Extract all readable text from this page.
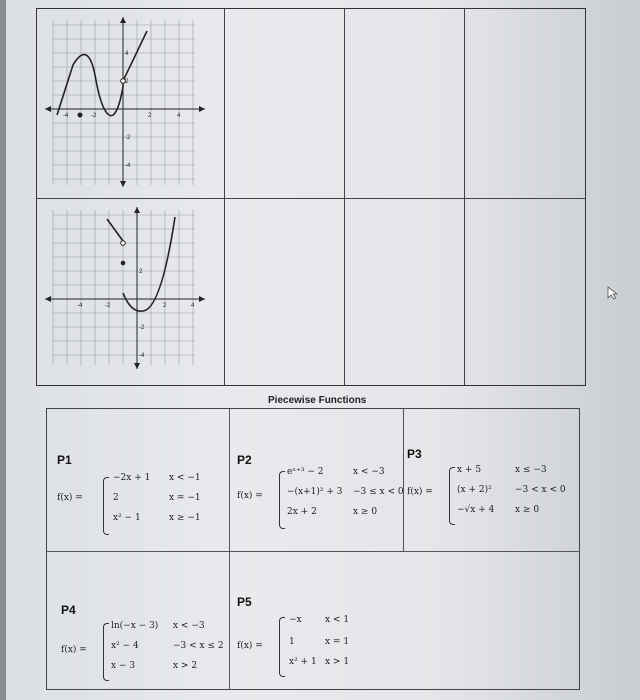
-4	-2	2	4
4
2
-2
-4
-4	-2	2	4
2
-2
-4
Piecewise Functions
P1
f(x) =
−2x + 1 x < −1
2	x = −1
x² − 1	x ≥ −1
P2
f(x) =
eˣ⁺³ − 2	x < −3
−(x+1)² + 3 −3 ≤ x < 0
2x + 2	x ≥ 0
P3
f(x) =
x + 5	x ≤ −3
(x + 2)²	−3 < x < 0
−√x + 4 x ≥ 0
P4
f(x) =
ln(−x − 3) x < −3
x² − 4	−3 < x ≤ 2
x − 3	x > 2
P5
f(x) =
−x	x < 1
1	x = 1
x² + 1 x > 1
